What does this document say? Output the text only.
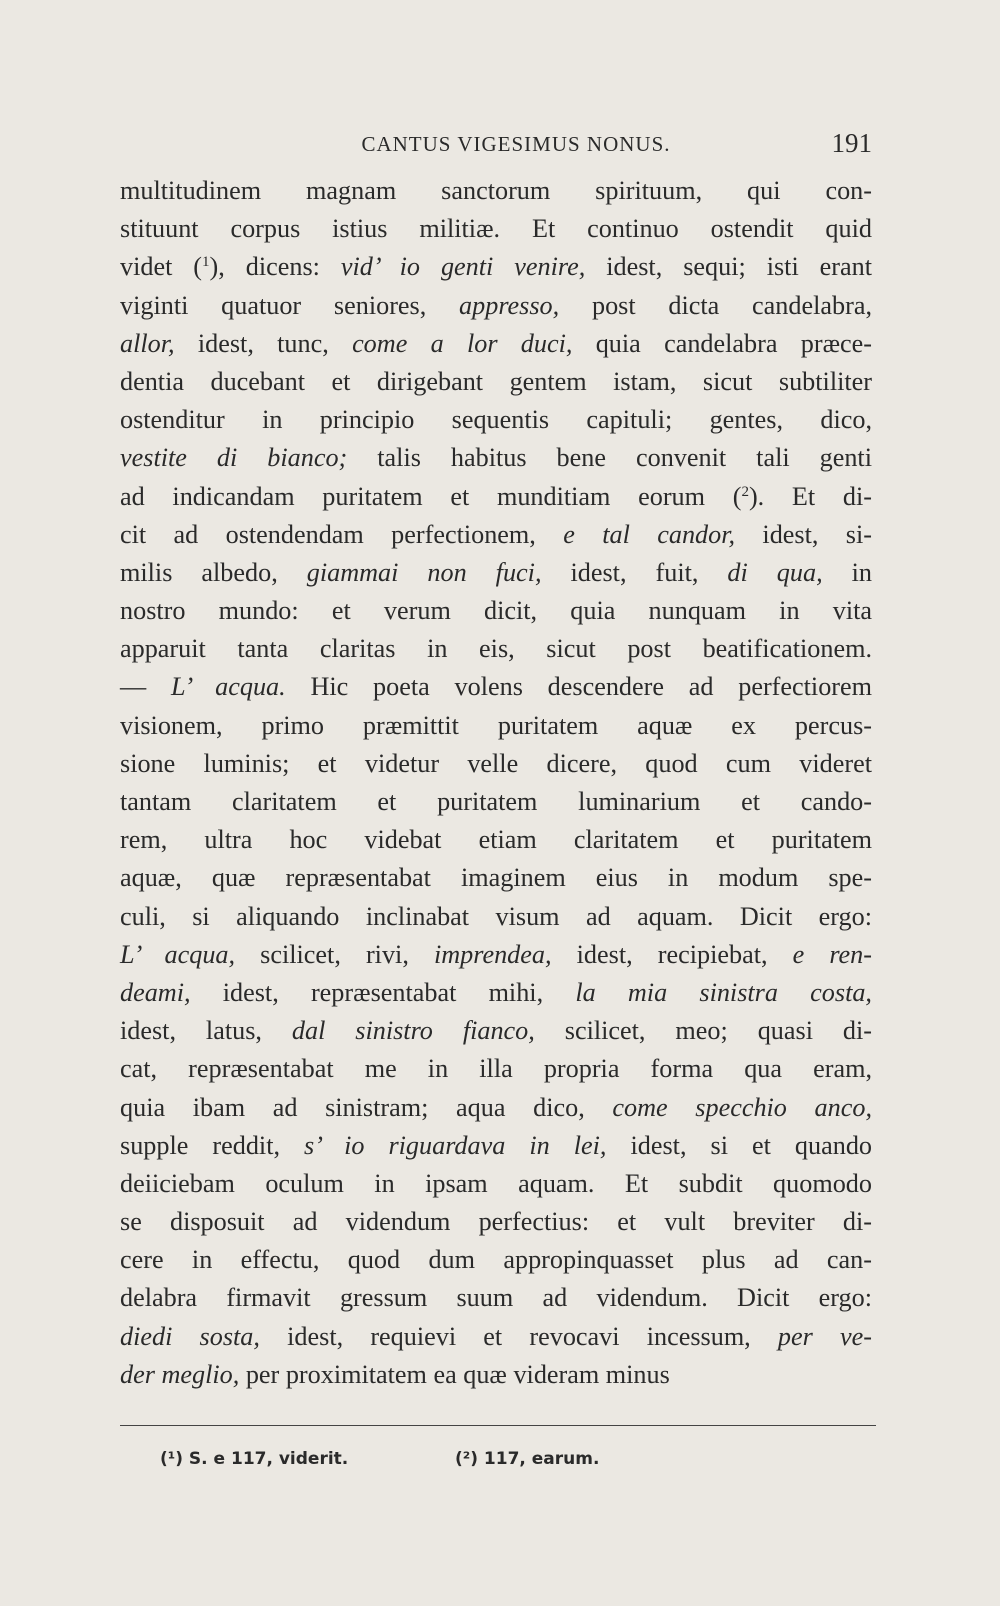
CANTUS VIGESIMUS NONUS.	191
multitudinem magnam sanctorum spirituum, qui con-
stituunt corpus istius militiæ. Et continuo ostendit quid
videt ($^1$), dicens: vid’ io genti venire, idest, sequi; isti erant
viginti quatuor seniores, appresso, post dicta candelabra,
allor, idest, tunc, come a lor duci, quia candelabra præce-
dentia ducebant et dirigebant gentem istam, sicut subtiliter
ostenditur in principio sequentis capituli; gentes, dico,
vestite di bianco; talis habitus bene convenit tali genti
ad indicandam puritatem et munditiam eorum ($^2$). Et di-
cit ad ostendendam perfectionem, e tal candor, idest, si-
milis albedo, giammai non fuci, idest, fuit, di qua, in
nostro mundo: et verum dicit, quia nunquam in vita
apparuit tanta claritas in eis, sicut post beatificationem.
— L’ acqua. Hic poeta volens descendere ad perfectiorem
visionem, primo præmittit puritatem aquæ ex percus-
sione luminis; et videtur velle dicere, quod cum videret
tantam claritatem et puritatem luminarium et cando-
rem, ultra hoc videbat etiam claritatem et puritatem
aquæ, quæ repræsentabat imaginem eius in modum spe-
culi, si aliquando inclinabat visum ad aquam. Dicit ergo:
L’ acqua, scilicet, rivi, imprendea, idest, recipiebat, e ren-
deami, idest, repræsentabat mihi, la mia sinistra costa,
idest, latus, dal sinistro fianco, scilicet, meo; quasi di-
cat, repræsentabat me in illa propria forma qua eram,
quia ibam ad sinistram; aqua dico, come specchio anco,
supple reddit, s’ io riguardava in lei, idest, si et quando
deiiciebam oculum in ipsam aquam. Et subdit quomodo
se disposuit ad videndum perfectius: et vult breviter di-
cere in effectu, quod dum appropinquasset plus ad can-
delabra firmavit gressum suum ad videndum. Dicit ergo:
diedi sosta, idest, requievi et revocavi incessum, per ve-
der meglio, per proximitatem ea quæ videram minus
(¹) S. e 117, viderit.	(²) 117, earum.
